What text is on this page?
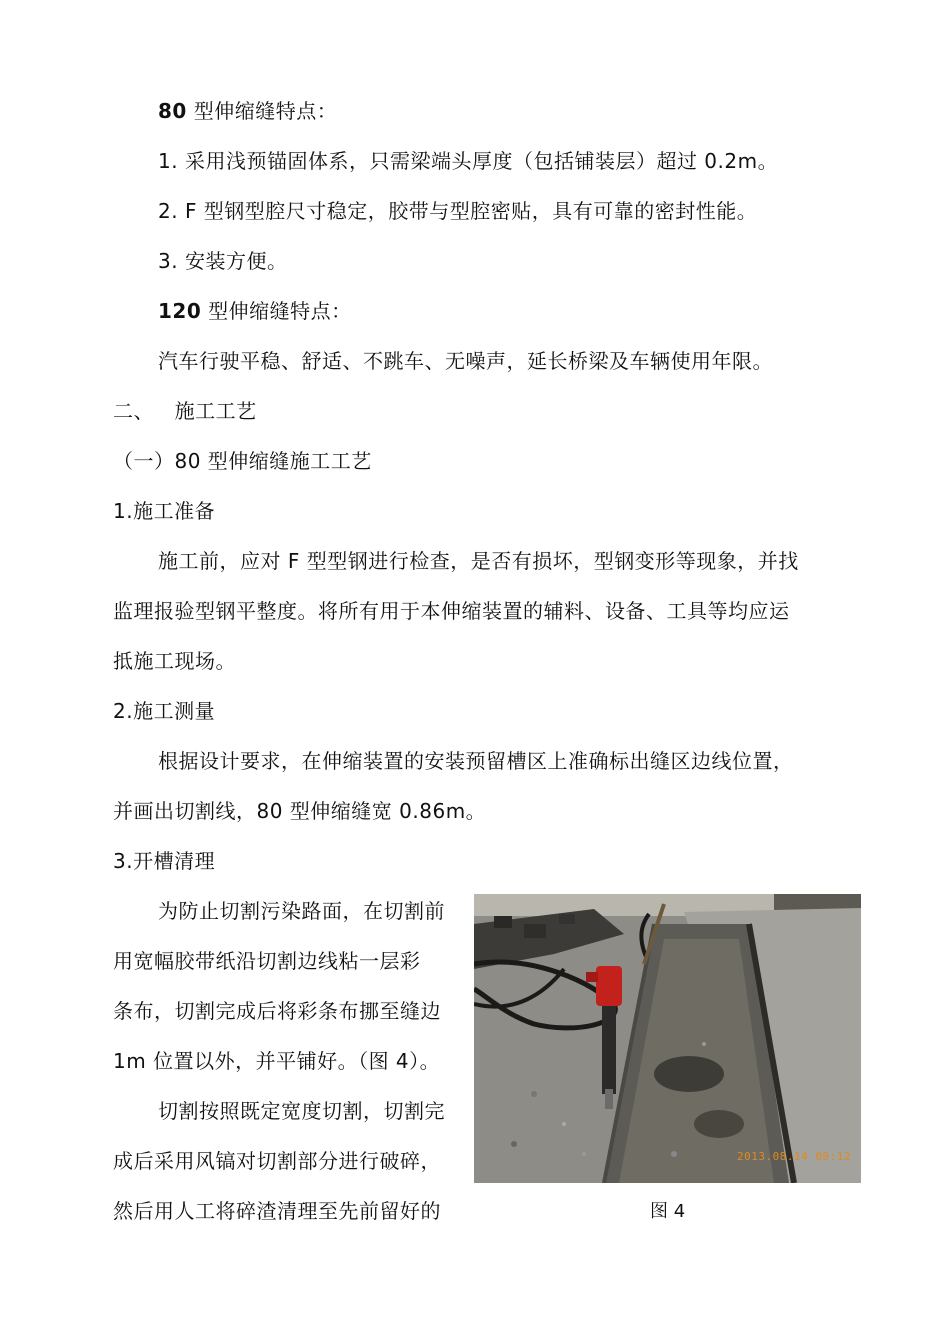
80 型伸缩缝特点：
1. 采用浅预锚固体系，只需梁端头厚度（包括铺装层）超过 0.2m。
2. F 型钢型腔尺寸稳定，胶带与型腔密贴，具有可靠的密封性能。
3. 安装方便。
120 型伸缩缝特点：
汽车行驶平稳、舒适、不跳车、无噪声，延长桥梁及车辆使用年限。
二、   施工工艺
（一）80 型伸缩缝施工工艺
1.施工准备
施工前，应对 F 型型钢进行检查，是否有损坏，型钢变形等现象，并找
监理报验型钢平整度。将所有用于本伸缩装置的辅料、设备、工具等均应运
抵施工现场。
2.施工测量
根据设计要求，在伸缩装置的安装预留槽区上准确标出缝区边线位置，
并画出切割线，80 型伸缩缝宽 0.86m。
3.开槽清理
为防止切割污染路面，在切割前
用宽幅胶带纸沿切割边线粘一层彩
条布，切割完成后将彩条布挪至缝边
1m 位置以外，并平铺好。（图 4）。
切割按照既定宽度切割，切割完
成后采用风镐对切割部分进行破碎，
然后用人工将碎渣清理至先前留好的
2013.08.14 09:12
图 4
